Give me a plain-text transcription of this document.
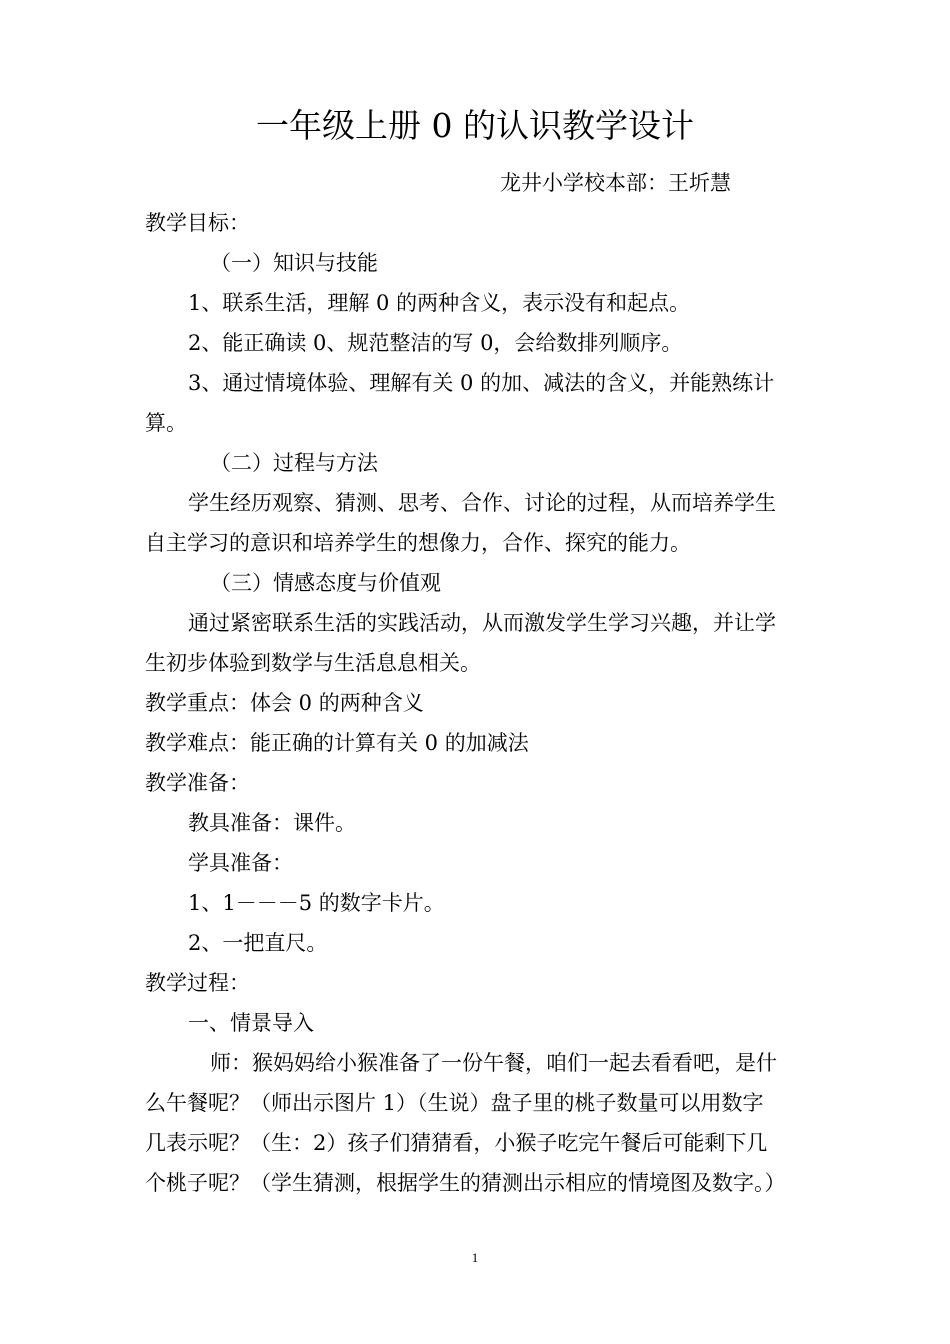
一年级上册 0 的认识教学设计
龙井小学校本部：王圻慧
教学目标：
（一）知识与技能
1、联系生活，理解 0 的两种含义，表示没有和起点。
2、能正确读 0、规范整洁的写 0，会给数排列顺序。
3、通过情境体验、理解有关 0 的加、减法的含义，并能熟练计
算。
（二）过程与方法
学生经历观察、猜测、思考、合作、讨论的过程，从而培养学生
自主学习的意识和培养学生的想像力，合作、探究的能力。
（三）情感态度与价值观
通过紧密联系生活的实践活动，从而激发学生学习兴趣，并让学
生初步体验到数学与生活息息相关。
教学重点：体会 0 的两种含义
教学难点：能正确的计算有关 0 的加减法
教学准备：
教具准备：课件。
学具准备：
1、1－－－5 的数字卡片。
2、一把直尺。
教学过程：
一、情景导入
师：猴妈妈给小猴准备了一份午餐，咱们一起去看看吧，是什
么午餐呢？（师出示图片 1）（生说）盘子里的桃子数量可以用数字
几表示呢？（生：2）孩子们猜猜看，小猴子吃完午餐后可能剩下几
个桃子呢？（学生猜测，根据学生的猜测出示相应的情境图及数字。）
1
